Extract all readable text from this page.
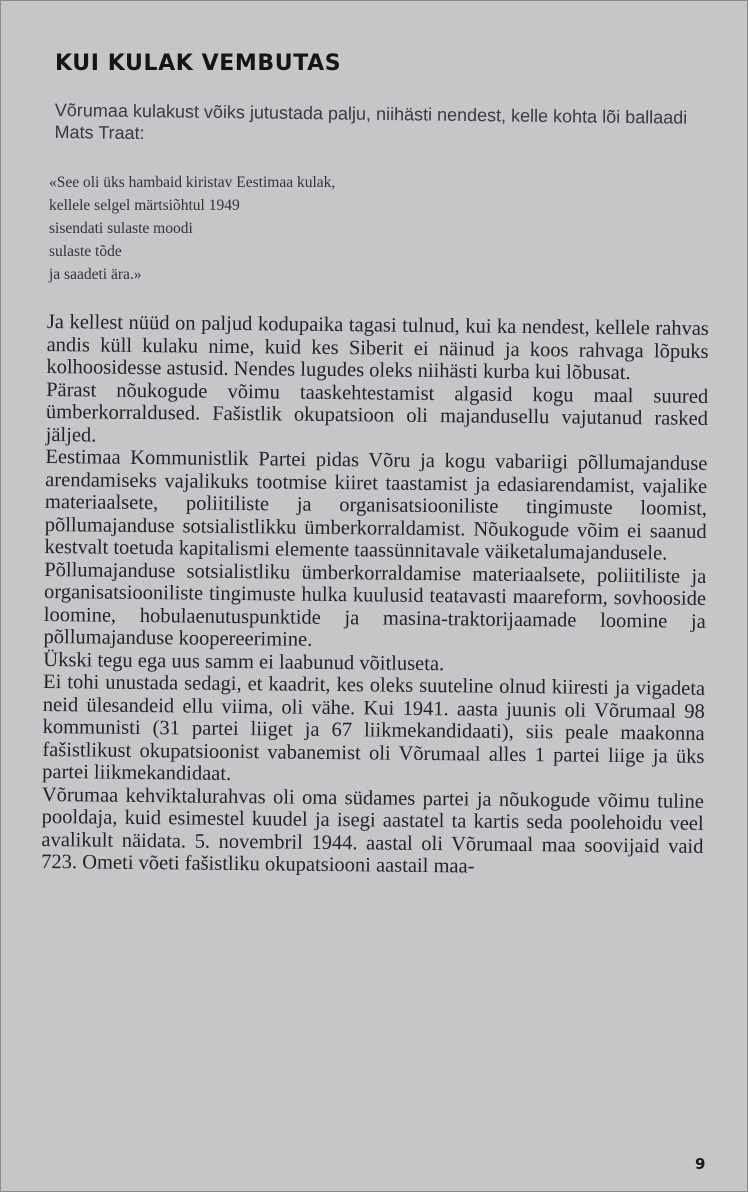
KUI KULAK VEMBUTAS

Võrumaa kulakust võiks jutustada palju, niihästi nendest, kelle kohta lõi ballaadi Mats Traat:

«See oli üks hambaid kiristav Eestimaa kulak,
kellele selgel märtsiõhtul 1949
sisendati sulaste moodi
sulaste tõde
ja saadeti ära.»

Ja kellest nüüd on paljud kodupaika tagasi tulnud, kui ka nendest, kellele rahvas andis küll kulaku nime, kuid kes Siberit ei näinud ja koos rahvaga lõpuks kolhoosidesse astusid. Nendes lugudes oleks niihästi kurba kui lõbusat.

Pärast nõukogude võimu taaskehtestamist algasid kogu maal suured ümberkorraldused. Fašistlik okupatsioon oli majandusellu vajutanud rasked jäljed.

Eestimaa Kommunistlik Partei pidas Võru ja kogu vabariigi põllumajanduse arendamiseks vajalikuks tootmise kiiret taastamist ja edasiarendamist, vajalike materiaalsete, poliitiliste ja organisatsiooniliste tingimuste loomist, põllumajanduse sotsialistlikku ümberkorraldamist. Nõukogude võim ei saanud kestvalt toetuda kapitalismi elemente taassünnitavale väiketalumajandusele.

Põllumajanduse sotsialistliku ümberkorraldamise materiaalsete, poliitiliste ja organisatsiooniliste tingimuste hulka kuulusid teatavasti maareform, sovhooside loomine, hobulaenutuspunktide ja masina-traktorijaamade loomine ja põllumajanduse koopereerimine.

Ükski tegu ega uus samm ei laabunud võitluseta.

Ei tohi unustada sedagi, et kaadrit, kes oleks suuteline olnud kiiresti ja vigadeta neid ülesandeid ellu viima, oli vähe. Kui 1941. aasta juunis oli Võrumaal 98 kommunisti (31 partei liiget ja 67 liikmekandidaati), siis peale maakonna fašistlikust okupatsioonist vabanemist oli Võrumaal alles 1 partei liige ja üks partei liikmekandidaat.

Võrumaa kehviktalurahvas oli oma südames partei ja nõukogude võimu tuline pooldaja, kuid esimestel kuudel ja isegi aastatel ta kartis seda poolehoidu veel avalikult näidata. 5. novembril 1944. aastal oli Võrumaal maa soovijaid vaid 723. Ometi võeti fašistliku okupatsiooni aastail maa-

9
